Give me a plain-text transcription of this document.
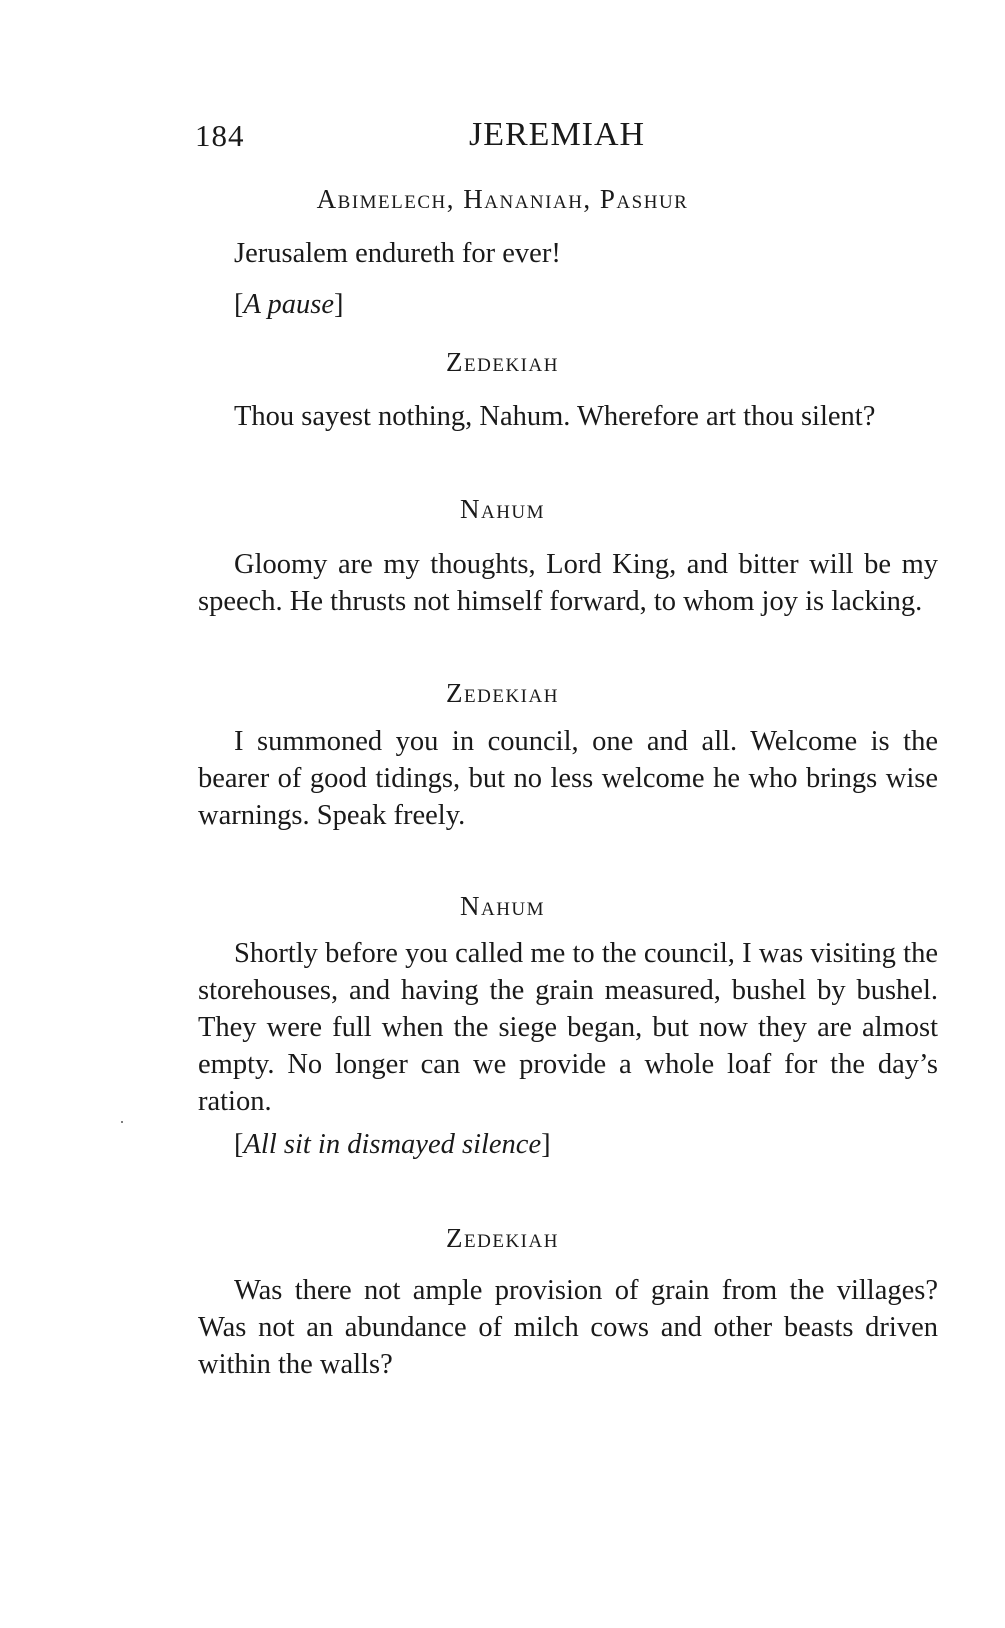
184	JEREMIAH
Abimelech, Hananiah, Pashur

Jerusalem endureth for ever!

[A pause]

Zedekiah

Thou sayest nothing, Nahum. Wherefore art thou silent?

Nahum

Gloomy are my thoughts, Lord King, and bitter will be my speech. He thrusts not himself forward, to whom joy is lacking.

Zedekiah

I summoned you in council, one and all. Welcome is the bearer of good tidings, but no less welcome he who brings wise warnings. Speak freely.

Nahum

Shortly before you called me to the council, I was visiting the storehouses, and having the grain measured, bushel by bushel. They were full when the siege began, but now they are almost empty. No longer can we provide a whole loaf for the day’s ration.

[All sit in dismayed silence]

Zedekiah

Was there not ample provision of grain from the villages? Was not an abundance of milch cows and other beasts driven within the walls?
